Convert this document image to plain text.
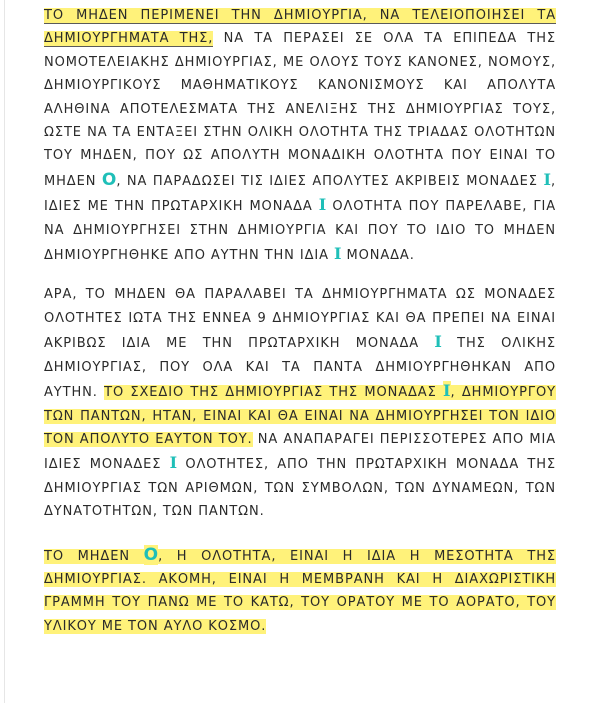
ΤΟ ΜΗΔΕΝ ΠΕΡΙΜΕΝΕΙ ΤΗΝ ΔΗΜΙΟΥΡΓΙΑ, ΝΑ ΤΕΛΕΙΟΠΟΙΗΣΕΙ ΤΑ ΔΗΜΙΟΥΡΓΗΜΑΤΑ ΤΗΣ, ΝΑ ΤΑ ΠΕΡΑΣΕΙ ΣΕ ΟΛΑ ΤΑ ΕΠΙΠΕΔΑ ΤΗΣ ΝΟΜΟΤΕΛΕΙΑΚΗΣ ΔΗΜΙΟΥΡΓΙΑΣ, ΜΕ ΟΛΟΥΣ ΤΟΥΣ ΚΑΝΟΝΕΣ, ΝΟΜΟΥΣ, ΔΗΜΙΟΥΡΓΙΚΟΥΣ ΜΑΘΗΜΑΤΙΚΟΥΣ ΚΑΝΟΝΙΣΜΟΥΣ ΚΑΙ ΑΠΟΛΥΤΑ ΑΛΗΘΙΝΑ ΑΠΟΤΕΛΕΣΜΑΤΑ ΤΗΣ ΑΝΕΛΙΞΗΣ ΤΗΣ ΔΗΜΙΟΥΡΓΙΑΣ ΤΟΥΣ, ΩΣΤΕ ΝΑ ΤΑ ΕΝΤΑΞΕΙ ΣΤΗΝ ΟΛΙΚΗ ΟΛΟΤΗΤΑ ΤΗΣ ΤΡΙΑΔΑΣ ΟΛΟΤΗΤΩΝ ΤΟΥ ΜΗΔΕΝ, ΠΟΥ ΩΣ ΑΠΟΛΥΤΗ ΜΟΝΑΔΙΚΗ ΟΛΟΤΗΤΑ ΠΟΥ ΕΙΝΑΙ ΤΟ ΜΗΔΕΝ O, ΝΑ ΠΑΡΑΔΩΣΕΙ ΤΙΣ ΙΔΙΕΣ ΑΠΟΛΥΤΕΣ ΑΚΡΙΒΕΙΣ ΜΟΝΑΔΕΣ I, ΙΔΙΕΣ ΜΕ ΤΗΝ ΠΡΩΤΑΡΧΙΚΗ ΜΟΝΑΔΑ I ΟΛΟΤΗΤΑ ΠΟΥ ΠΑΡΕΛΑΒΕ, ΓΙΑ ΝΑ ΔΗΜΙΟΥΡΓΗΣΕΙ ΣΤΗΝ ΔΗΜΙΟΥΡΓΙΑ ΚΑΙ ΠΟΥ ΤΟ ΙΔΙΟ ΤΟ ΜΗΔΕΝ ΔΗΜΙΟΥΡΓΗΘΗΚΕ ΑΠΟ ΑΥΤΗΝ ΤΗΝ ΙΔΙΑ I ΜΟΝΑΔΑ.

ΑΡΑ, ΤΟ ΜΗΔΕΝ ΘΑ ΠΑΡΑΛΑΒΕΙ ΤΑ ΔΗΜΙΟΥΡΓΗΜΑΤΑ ΩΣ ΜΟΝΑΔΕΣ ΟΛΟΤΗΤΕΣ ΙΩΤΑ ΤΗΣ ΕΝΝΕΑ 9 ΔΗΜΙΟΥΡΓΙΑΣ ΚΑΙ ΘΑ ΠΡΕΠΕΙ ΝΑ ΕΙΝΑΙ ΑΚΡΙΒΩΣ ΙΔΙΑ ΜΕ ΤΗΝ ΠΡΩΤΑΡΧΙΚΗ ΜΟΝΑΔΑ I ΤΗΣ ΟΛΙΚΗΣ ΔΗΜΙΟΥΡΓΙΑΣ, ΠΟΥ ΟΛΑ ΚΑΙ ΤΑ ΠΑΝΤΑ ΔΗΜΙΟΥΡΓΗΘΗΚΑΝ ΑΠΟ ΑΥΤΗΝ. ΤΟ ΣΧΕΔΙΟ ΤΗΣ ΔΗΜΙΟΥΡΓΙΑΣ ΤΗΣ ΜΟΝΑΔΑΣ I, ΔΗΜΙΟΥΡΓΟΥ ΤΩΝ ΠΑΝΤΩΝ, ΗΤΑΝ, ΕΙΝΑΙ ΚΑΙ ΘΑ ΕΙΝΑΙ ΝΑ ΔΗΜΙΟΥΡΓΗΣΕΙ ΤΟΝ ΙΔΙΟ ΤΟΝ ΑΠΟΛΥΤΟ ΕΑΥΤΟΝ ΤΟΥ. ΝΑ ΑΝΑΠΑΡΑΓΕΙ ΠΕΡΙΣΣΟΤΕΡΕΣ ΑΠΟ ΜΙΑ ΙΔΙΕΣ ΜΟΝΑΔΕΣ I ΟΛΟΤΗΤΕΣ, ΑΠΟ ΤΗΝ ΠΡΩΤΑΡΧΙΚΗ ΜΟΝΑΔΑ ΤΗΣ ΔΗΜΙΟΥΡΓΙΑΣ ΤΩΝ ΑΡΙΘΜΩΝ, ΤΩΝ ΣΥΜΒΟΛΩΝ, ΤΩΝ ΔΥΝΑΜΕΩΝ, ΤΩΝ ΔΥΝΑΤΟΤΗΤΩΝ, ΤΩΝ ΠΑΝΤΩΝ.

ΤΟ ΜΗΔΕΝ O, Η ΟΛΟΤΗΤΑ, ΕΙΝΑΙ Η ΙΔΙΑ Η ΜΕΣΟΤΗΤΑ ΤΗΣ ΔΗΜΙΟΥΡΓΙΑΣ. ΑΚΟΜΗ, ΕΙΝΑΙ Η ΜΕΜΒΡΑΝΗ ΚΑΙ Η ΔΙΑΧΩΡΙΣΤΙΚΗ ΓΡΑΜΜΗ ΤΟΥ ΠΑΝΩ ΜΕ ΤΟ ΚΑΤΩ, ΤΟΥ ΟΡΑΤΟΥ ΜΕ ΤΟ ΑΟΡΑΤΟ, ΤΟΥ ΥΛΙΚΟΥ ΜΕ ΤΟΝ ΑΥΛΟ ΚΟΣΜΟ.
